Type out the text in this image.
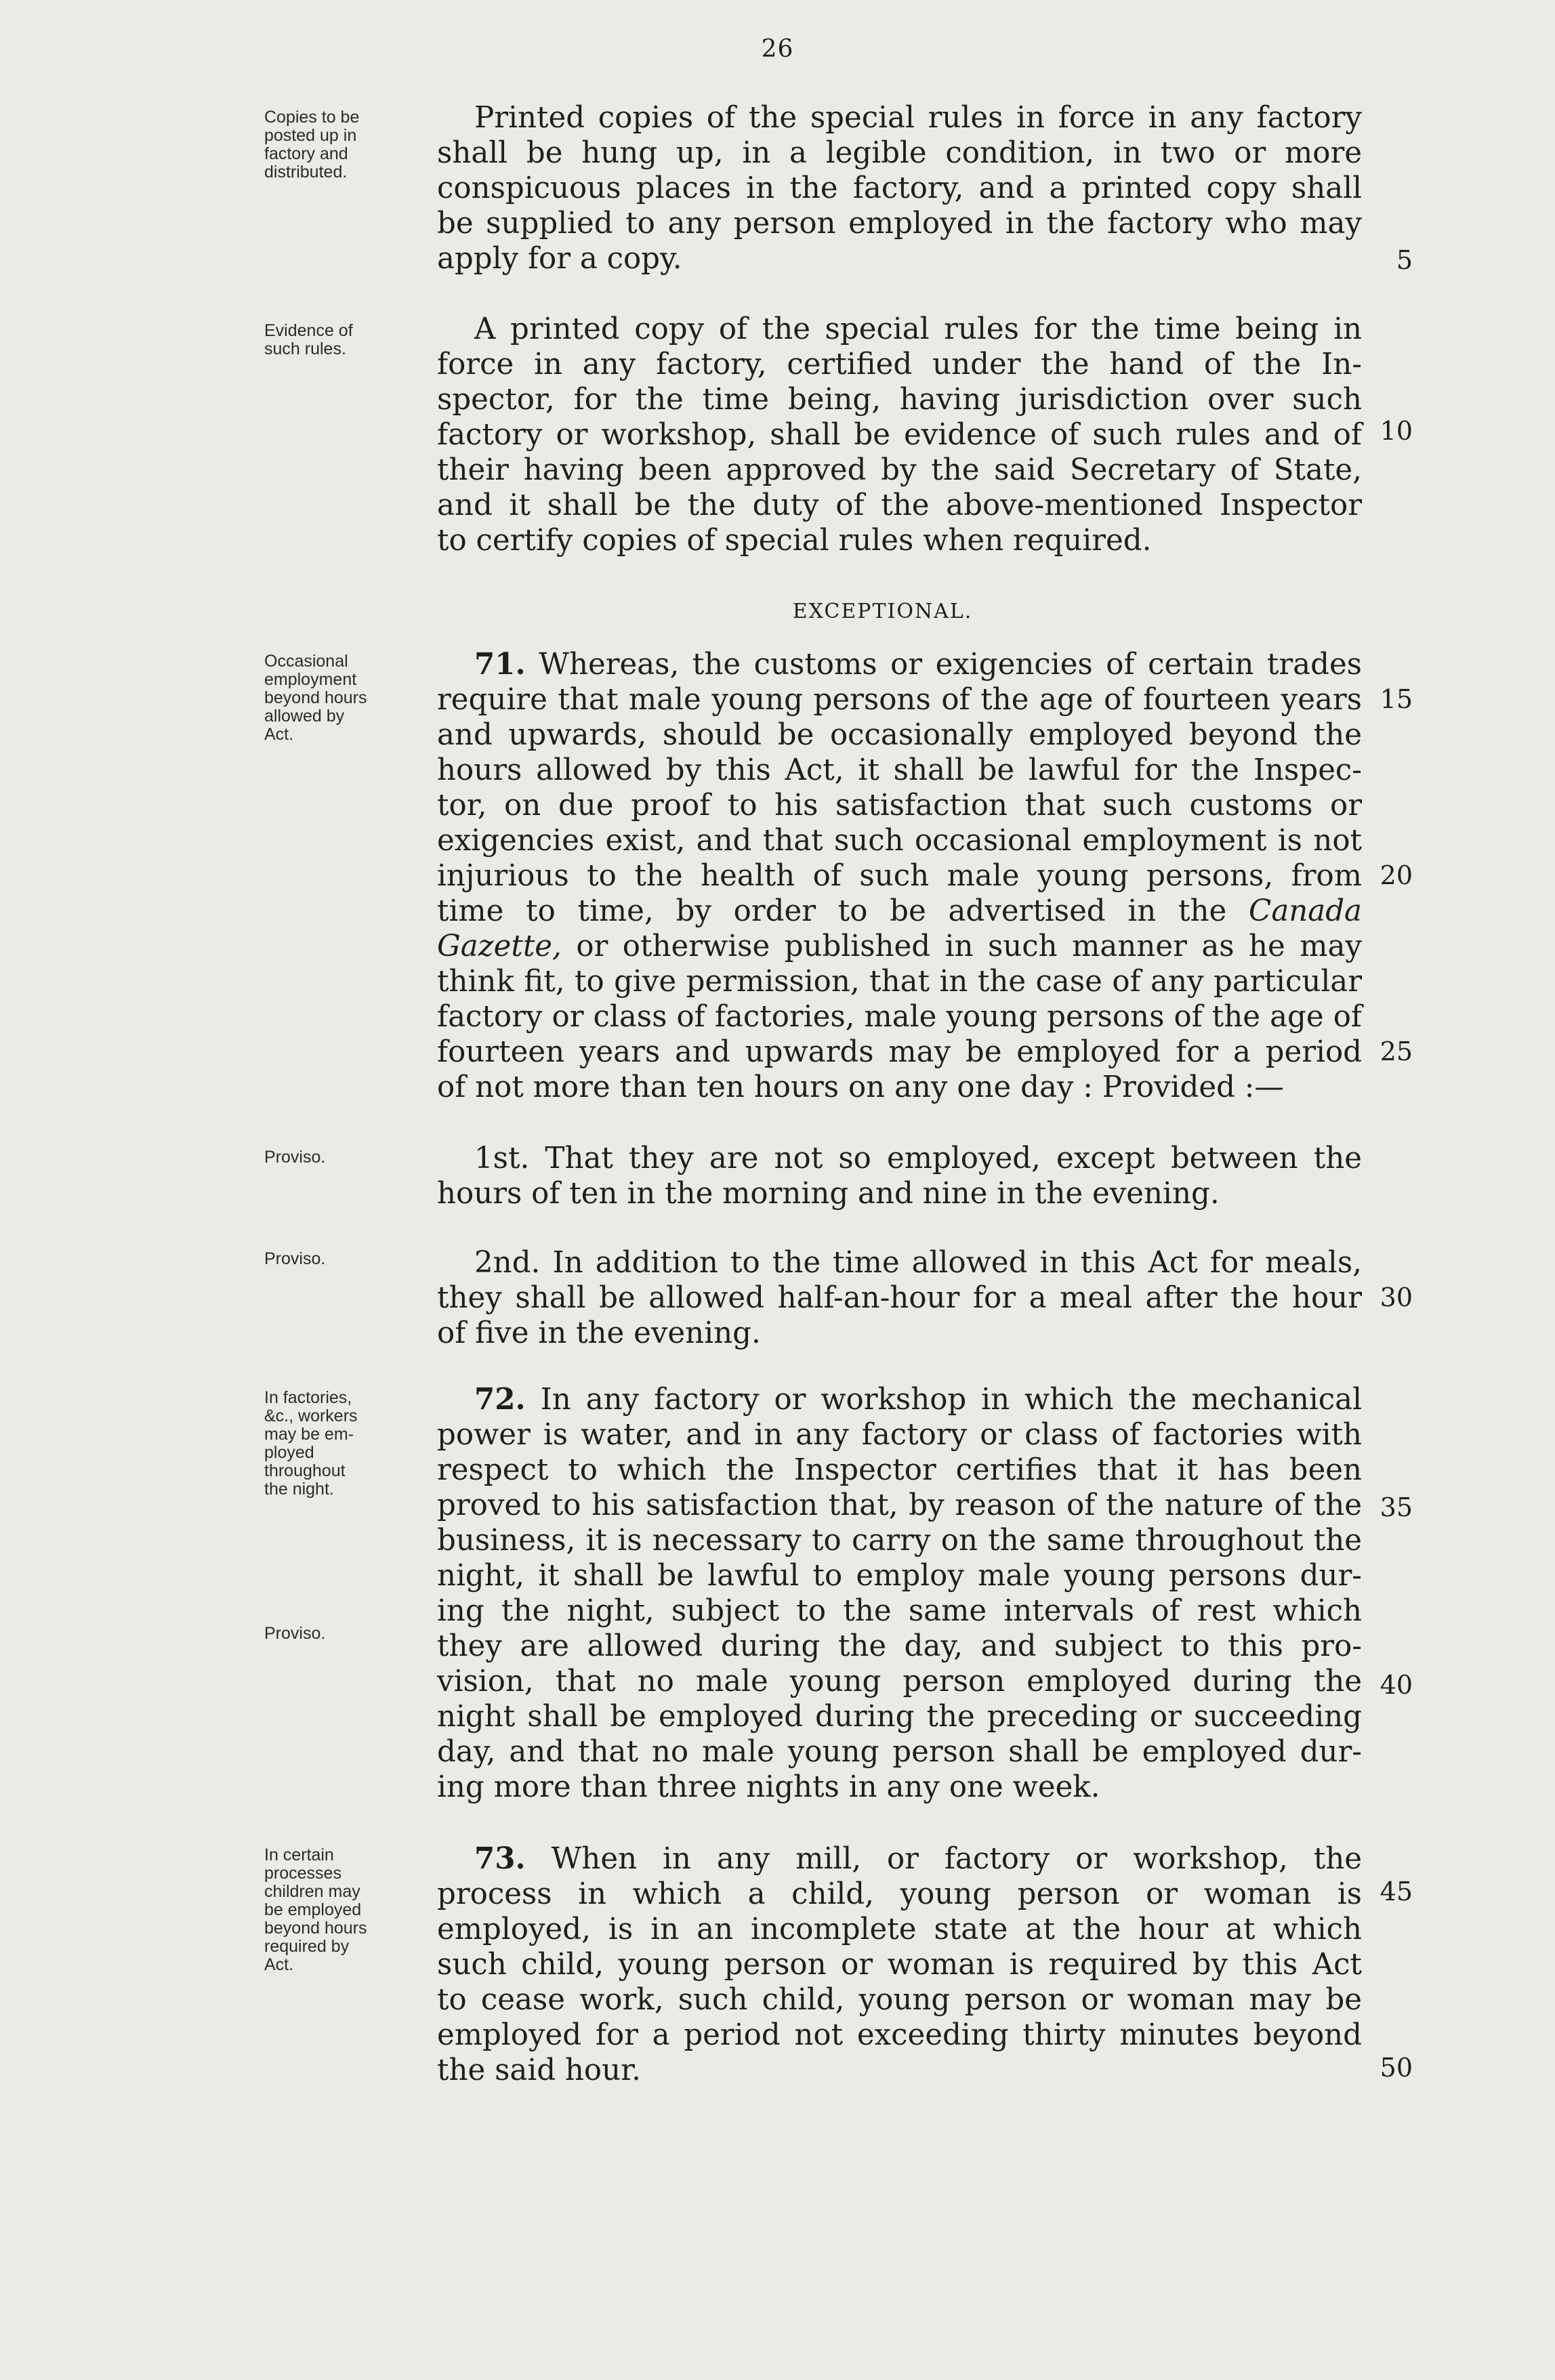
26
Copies to be
posted up in
factory and
distributed.
Printed copies of the special rules in force in any factory
shall be hung up, in a legible condition, in two or more
conspicuous places in the factory, and a printed copy shall
be supplied to any person employed in the factory who may
apply for a copy.
Evidence of
such rules.
A printed copy of the special rules for the time being in
force in any factory, certified under the hand of the In-
spector, for the time being, having jurisdiction over such
factory or workshop, shall be evidence of such rules and of
their having been approved by the said Secretary of State,
and it shall be the duty of the above-mentioned Inspector
to certify copies of special rules when required.
EXCEPTIONAL.
Occasional
employment
beyond hours
allowed by
Act.
71. Whereas, the customs or exigencies of certain trades
require that male young persons of the age of fourteen years
and upwards, should be occasionally employed beyond the
hours allowed by this Act, it shall be lawful for the Inspec-
tor, on due proof to his satisfaction that such customs or
exigencies exist, and that such occasional employment is not
injurious to the health of such male young persons, from
time to time, by order to be advertised in the Canada
Gazette, or otherwise published in such manner as he may
think fit, to give permission, that in the case of any particular
factory or class of factories, male young persons of the age of
fourteen years and upwards may be employed for a period
of not more than ten hours on any one day : Provided :—
Proviso.	1st. That they are not so employed, except between the
hours of ten in the morning and nine in the evening.
Proviso.	2nd. In addition to the time allowed in this Act for meals,
they shall be allowed half-an-hour for a meal after the hour
of five in the evening.
In factories,
&c., workers
may be em-
ployed
throughout
the night.
Proviso.
72. In any factory or workshop in which the mechanical
power is water, and in any factory or class of factories with
respect to which the Inspector certifies that it has been
proved to his satisfaction that, by reason of the nature of the
business, it is necessary to carry on the same throughout the
night, it shall be lawful to employ male young persons dur-
ing the night, subject to the same intervals of rest which
they are allowed during the day, and subject to this pro-
vision, that no male young person employed during the
night shall be employed during the preceding or succeeding
day, and that no male young person shall be employed dur-
ing more than three nights in any one week.
In certain
processes
children may
be employed
beyond hours
required by
Act.
73. When in any mill, or factory or workshop, the
process in which a child, young person or woman is
employed, is in an incomplete state at the hour at which
such child, young person or woman is required by this Act
to cease work, such child, young person or woman may be
employed for a period not exceeding thirty minutes beyond
the said hour.
5
10
15
20
25
30
35
40
45
50
